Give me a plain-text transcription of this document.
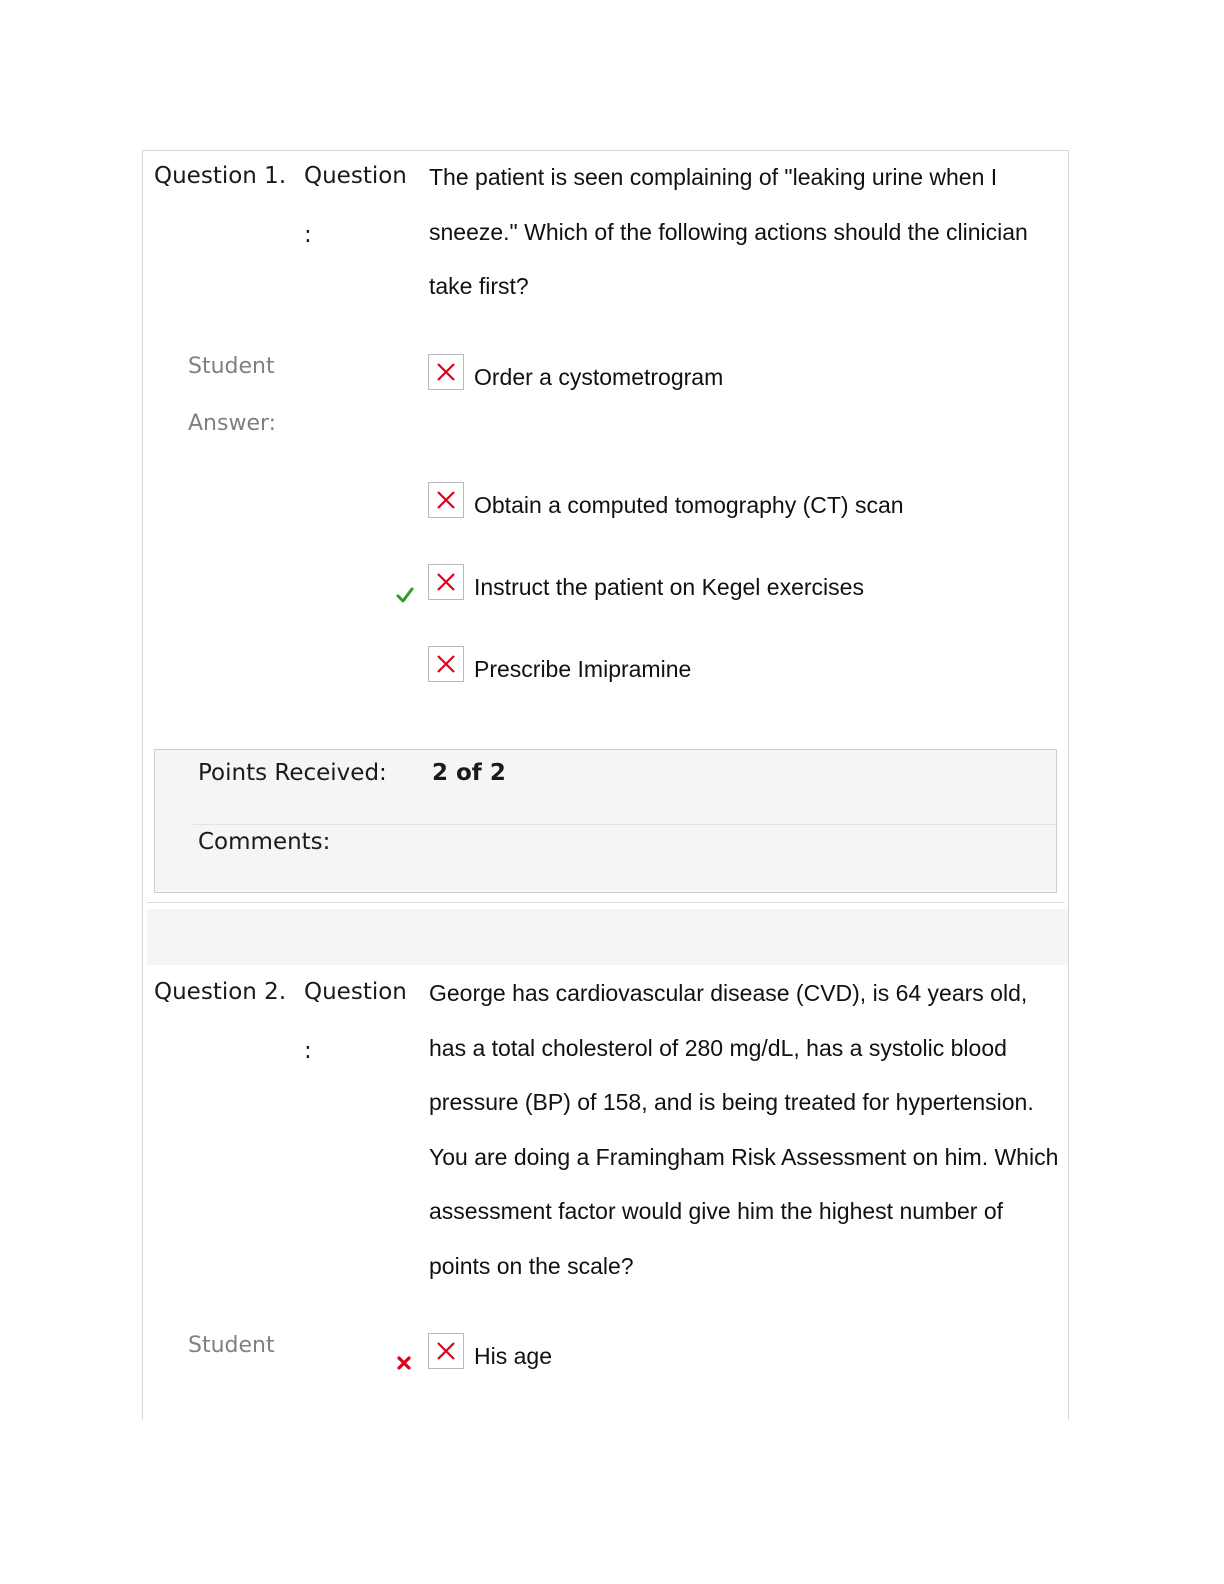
Question 1. Question
:
The patient is seen complaining of "leaking urine when I sneeze." Which of the following actions should the clinician take first?
Student
Answer:
Order a cystometrogram
Obtain a computed tomography (CT) scan
Instruct the patient on Kegel exercises
Prescribe Imipramine
Points Received: 2 of 2
Comments:
Question 2. Question
:
George has cardiovascular disease (CVD), is 64 years old, has a total cholesterol of 280 mg/dL, has a systolic blood pressure (BP) of 158, and is being treated for hypertension. You are doing a Framingham Risk Assessment on him. Which assessment factor would give him the highest number of points on the scale?
Student	His age
